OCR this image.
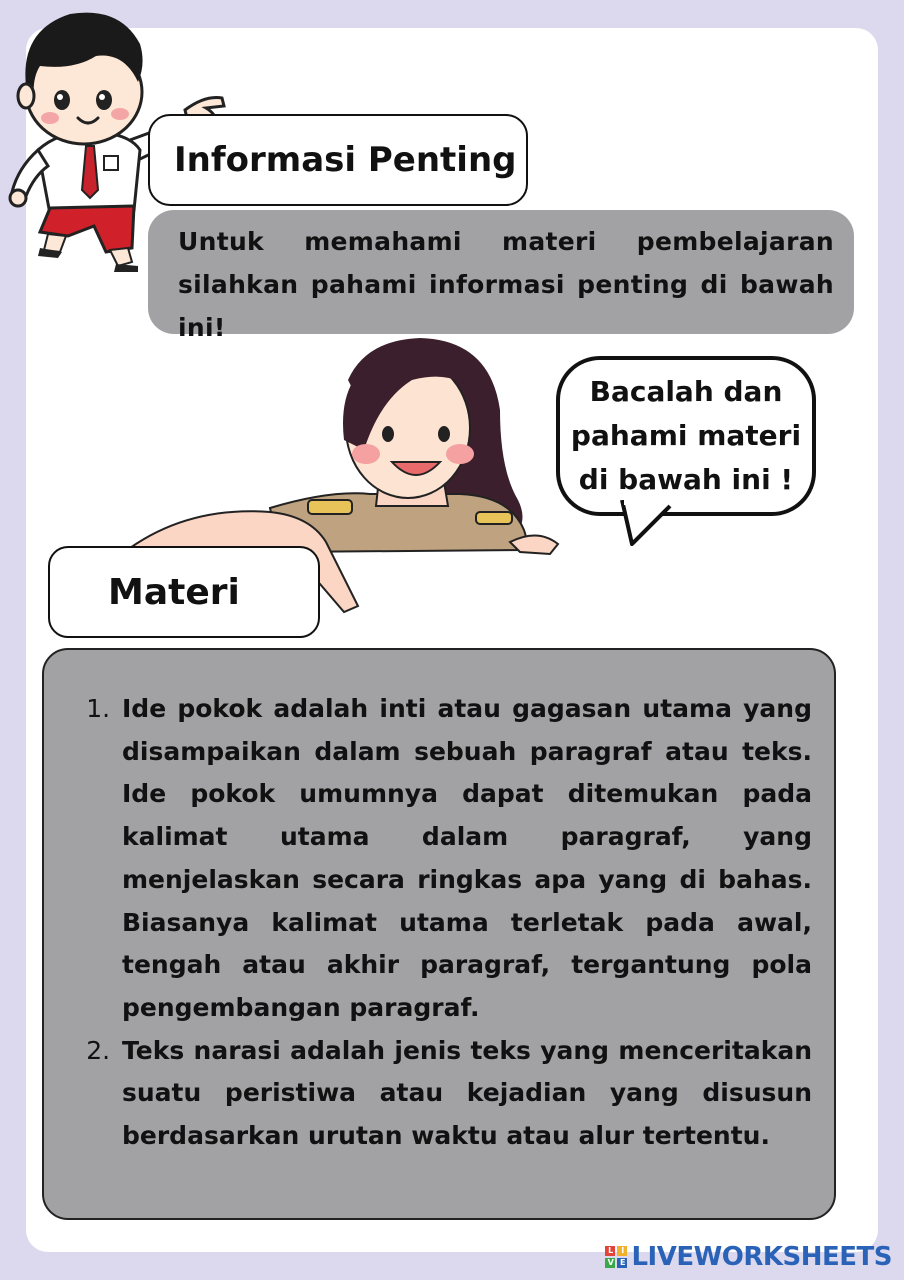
Informasi Penting
Untuk memahami materi pembelajaran silahkan pahami informasi penting di bawah ini!
Bacalah dan pahami materi di bawah ini !
Materi
1. Ide pokok adalah inti atau gagasan utama yang disampaikan dalam sebuah paragraf atau teks. Ide pokok umumnya dapat ditemukan pada kalimat utama dalam paragraf, yang menjelaskan secara ringkas apa yang di bahas. Biasanya kalimat utama terletak pada awal, tengah atau akhir paragraf, tergantung pola pengembangan paragraf.
2. Teks narasi adalah jenis teks yang menceritakan suatu peristiwa atau kejadian yang disusun berdasarkan urutan waktu atau alur tertentu.
L	I
V E LIVEWORKSHEETS
